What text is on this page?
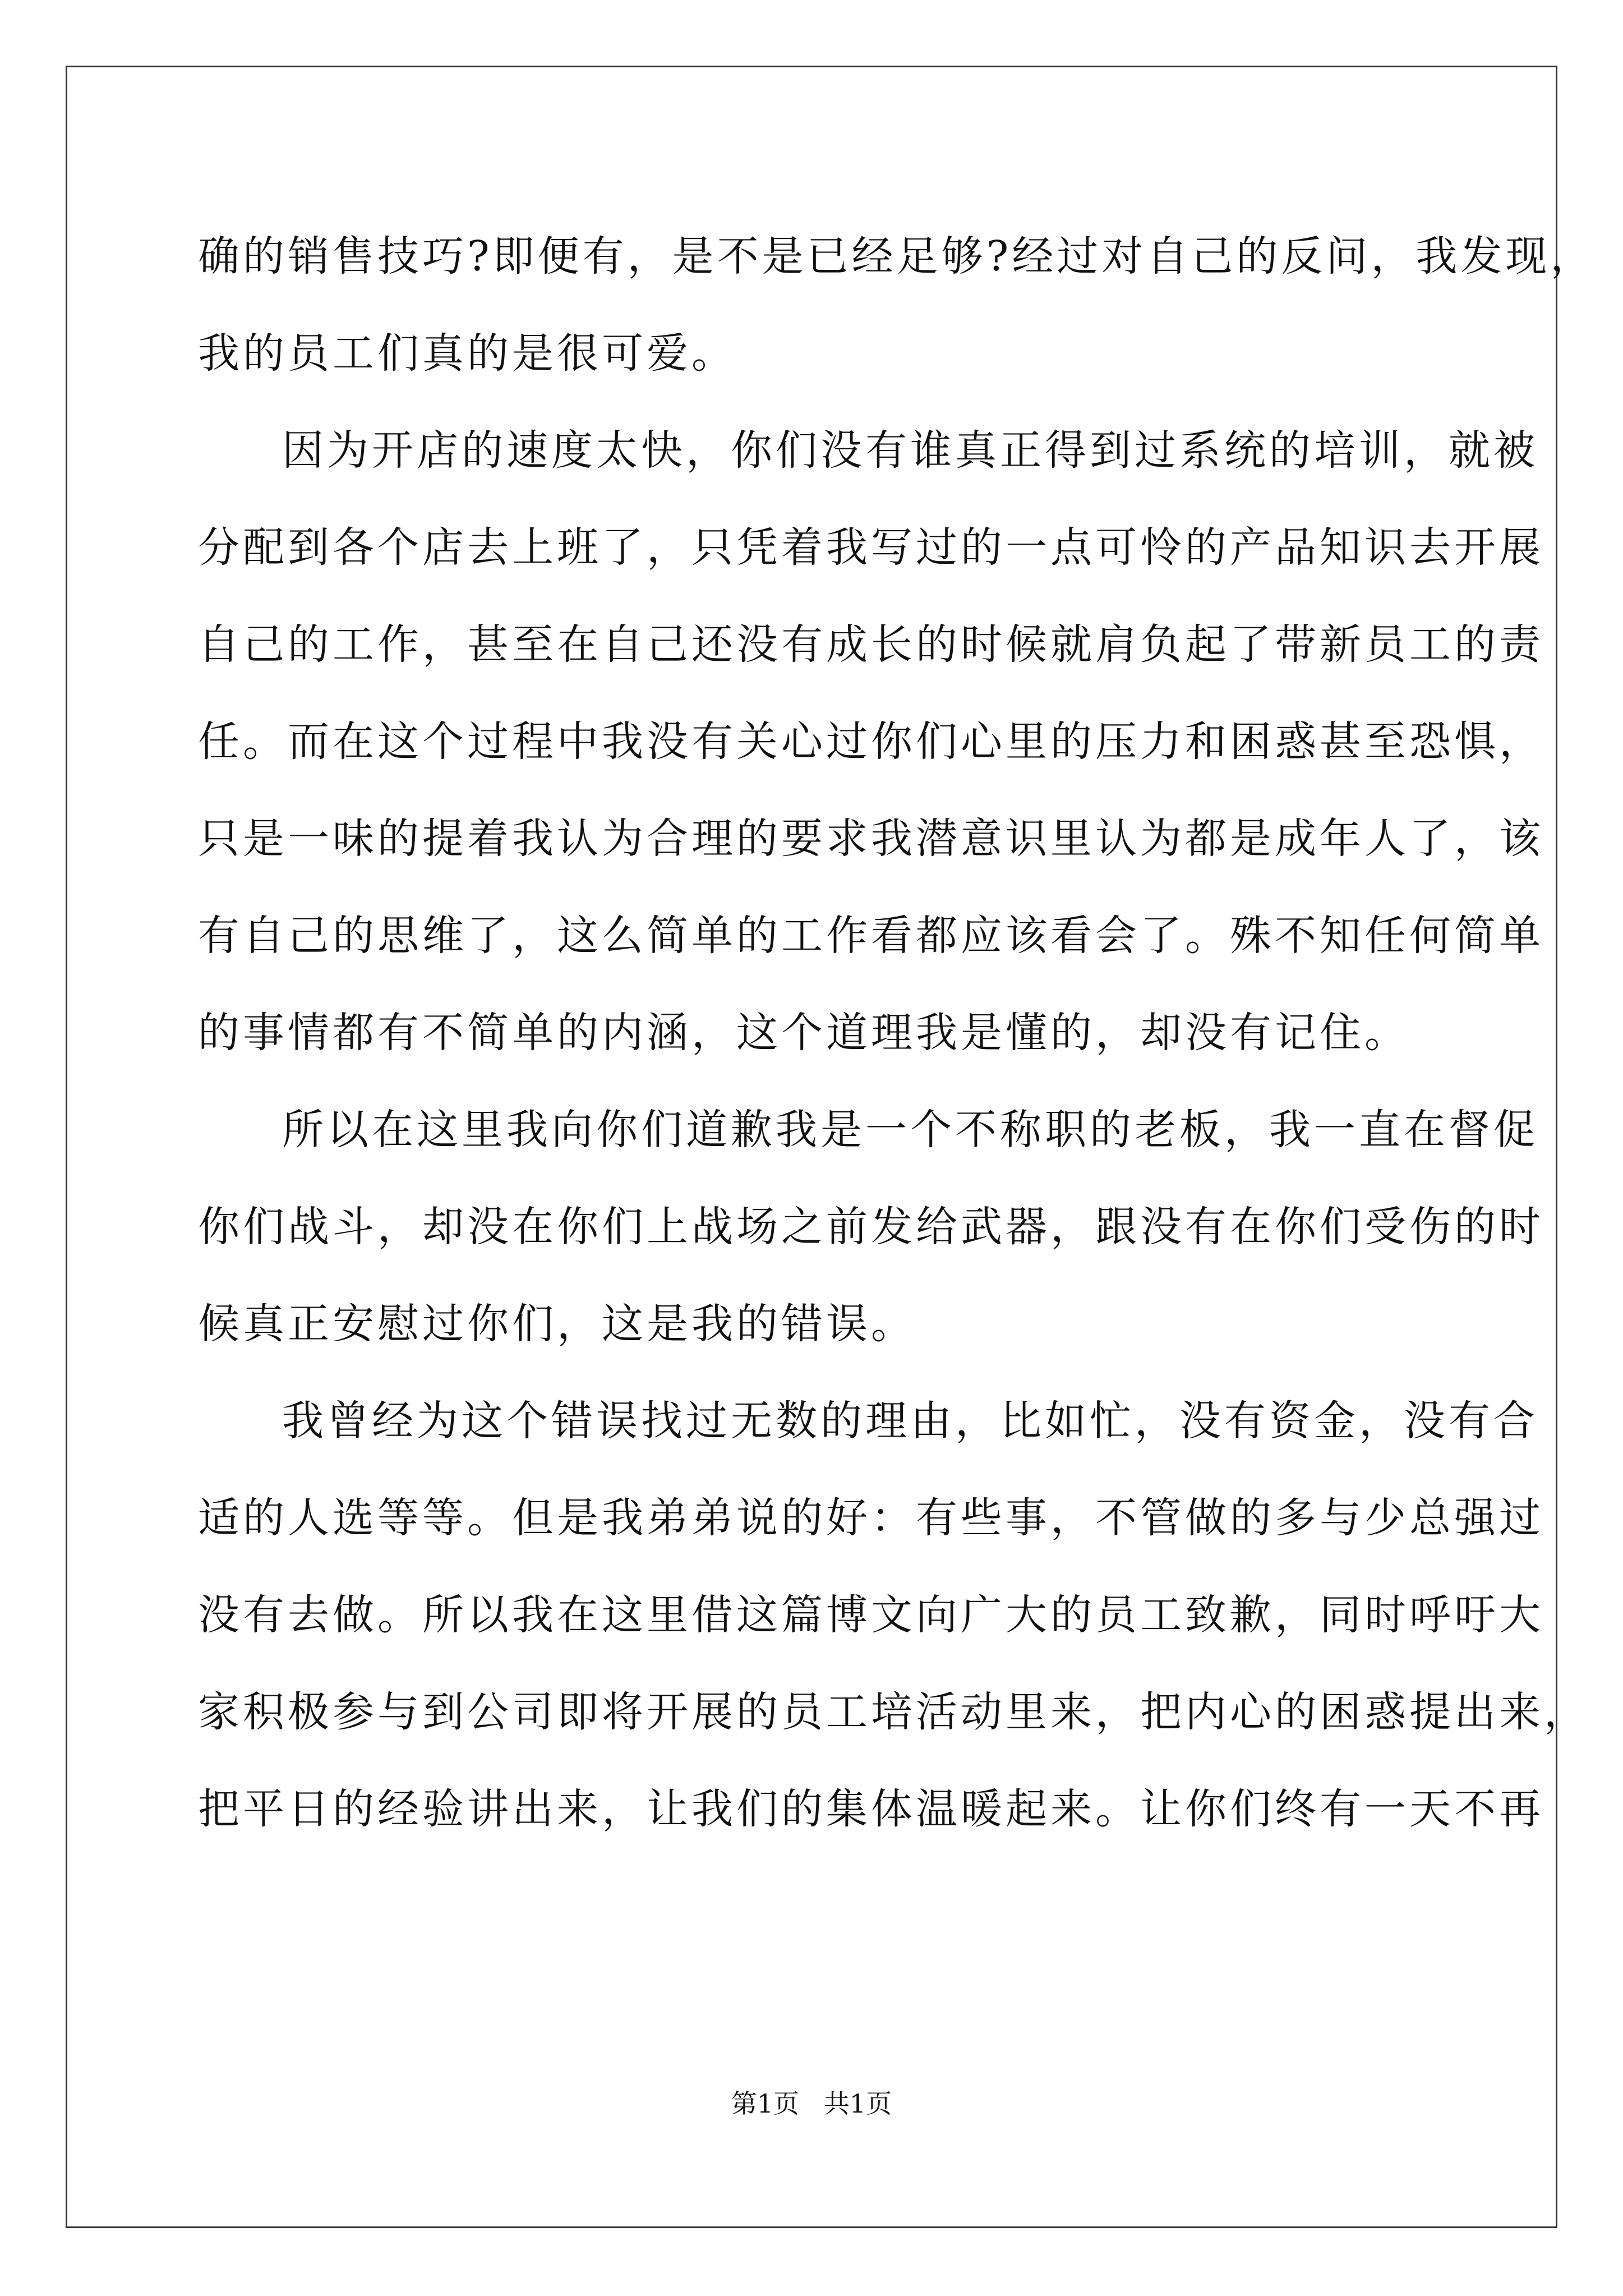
确的销售技巧?即便有，是不是已经足够?经过对自己的反问，我发现，
我的员工们真的是很可爱。
因为开店的速度太快，你们没有谁真正得到过系统的培训，就被
分配到各个店去上班了，只凭着我写过的一点可怜的产品知识去开展
自己的工作，甚至在自己还没有成长的时候就肩负起了带新员工的责
任。而在这个过程中我没有关心过你们心里的压力和困惑甚至恐惧，
只是一味的提着我认为合理的要求我潜意识里认为都是成年人了，该
有自己的思维了，这么简单的工作看都应该看会了。殊不知任何简单
的事情都有不简单的内涵，这个道理我是懂的，却没有记住。
所以在这里我向你们道歉我是一个不称职的老板，我一直在督促
你们战斗，却没在你们上战场之前发给武器，跟没有在你们受伤的时
候真正安慰过你们，这是我的错误。
我曾经为这个错误找过无数的理由，比如忙，没有资金，没有合
适的人选等等。但是我弟弟说的好：有些事，不管做的多与少总强过
没有去做。所以我在这里借这篇博文向广大的员工致歉，同时呼吁大
家积极参与到公司即将开展的员工培活动里来，把内心的困惑提出来，
把平日的经验讲出来，让我们的集体温暖起来。让你们终有一天不再
第1页   共1页
